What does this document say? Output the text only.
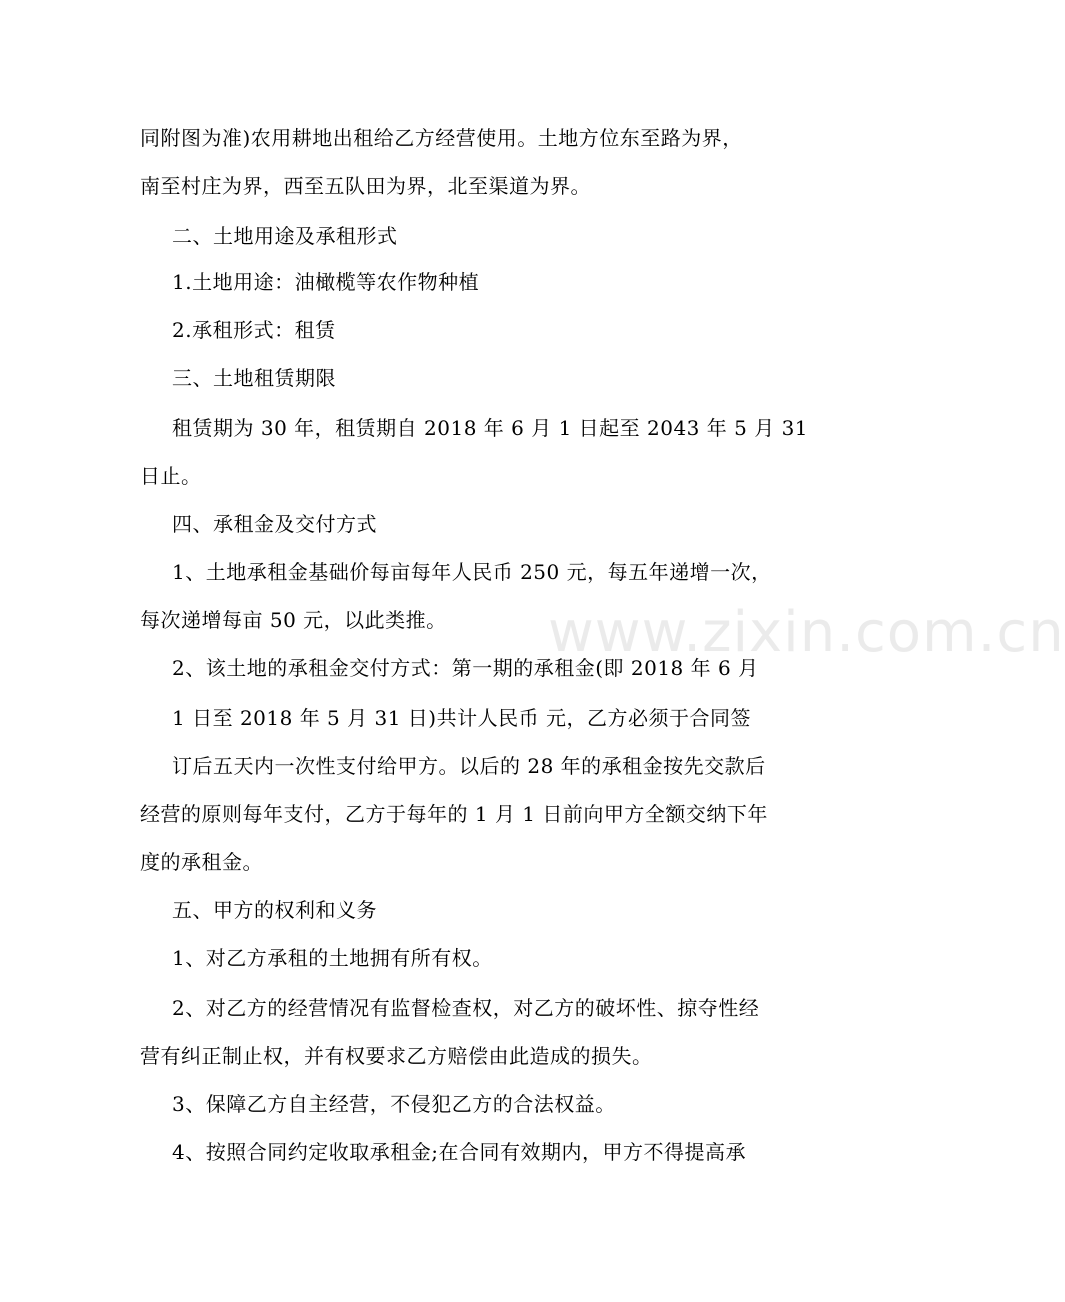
同附图为准)农用耕地出租给乙方经营使用。土地方位东至路为界，
南至村庄为界，西至五队田为界，北至渠道为界。
二、土地用途及承租形式
1.土地用途：油橄榄等农作物种植
2.承租形式：租赁
三、土地租赁期限
租赁期为 30 年，租赁期自 2018 年 6 月 1 日起至 2043 年 5 月 31
日止。
四、承租金及交付方式
1、土地承租金基础价每亩每年人民币 250 元，每五年递增一次，
每次递增每亩 50 元，以此类推。
2、该土地的承租金交付方式：第一期的承租金(即 2018 年 6 月
1 日至 2018 年 5 月 31 日)共计人民币 元，乙方必须于合同签
订后五天内一次性支付给甲方。以后的 28 年的承租金按先交款后
经营的原则每年支付，乙方于每年的 1 月 1 日前向甲方全额交纳下年
度的承租金。
五、甲方的权利和义务
1、对乙方承租的土地拥有所有权。
2、对乙方的经营情况有监督检查权，对乙方的破坏性、掠夺性经
营有纠正制止权，并有权要求乙方赔偿由此造成的损失。
3、保障乙方自主经营，不侵犯乙方的合法权益。
4、按照合同约定收取承租金;在合同有效期内，甲方不得提高承
www.zixin.com.cn
